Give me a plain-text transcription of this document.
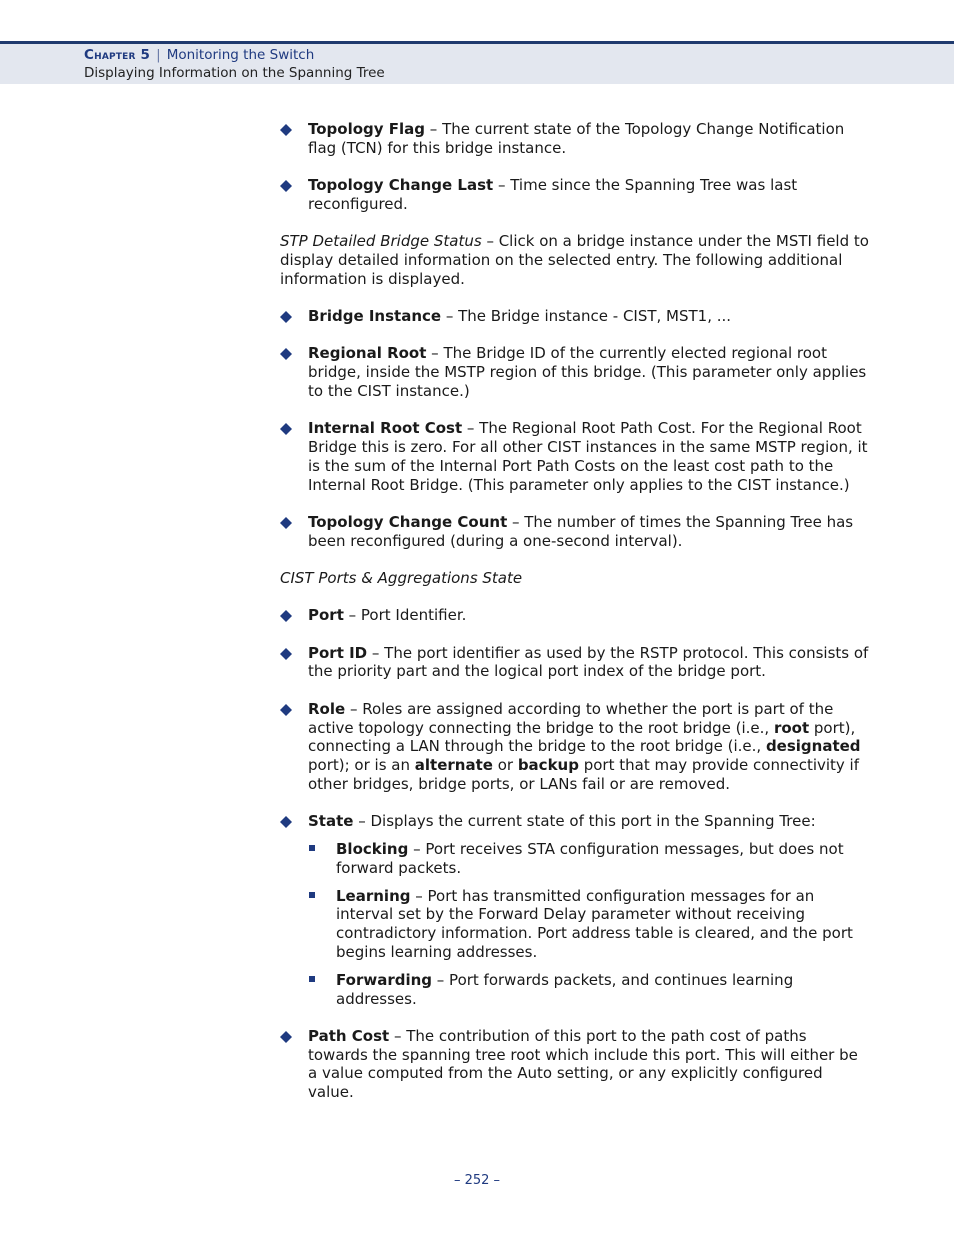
Chapter 5 | Monitoring the Switch
Displaying Information on the Spanning Tree
Topology Flag – The current state of the Topology Change Notification flag (TCN) for this bridge instance.
Topology Change Last – Time since the Spanning Tree was last reconfigured.
STP Detailed Bridge Status – Click on a bridge instance under the MSTI field to display detailed information on the selected entry. The following additional information is displayed.
Bridge Instance – The Bridge instance - CIST, MST1, ...
Regional Root – The Bridge ID of the currently elected regional root bridge, inside the MSTP region of this bridge. (This parameter only applies to the CIST instance.)
Internal Root Cost – The Regional Root Path Cost. For the Regional Root Bridge this is zero. For all other CIST instances in the same MSTP region, it is the sum of the Internal Port Path Costs on the least cost path to the Internal Root Bridge. (This parameter only applies to the CIST instance.)
Topology Change Count – The number of times the Spanning Tree has been reconfigured (during a one-second interval).
CIST Ports & Aggregations State
Port – Port Identifier.
Port ID – The port identifier as used by the RSTP protocol. This consists of the priority part and the logical port index of the bridge port.
Role – Roles are assigned according to whether the port is part of the active topology connecting the bridge to the root bridge (i.e., root port), connecting a LAN through the bridge to the root bridge (i.e., designated port); or is an alternate or backup port that may provide connectivity if other bridges, bridge ports, or LANs fail or are removed.
State – Displays the current state of this port in the Spanning Tree:
Blocking – Port receives STA configuration messages, but does not forward packets.
Learning – Port has transmitted configuration messages for an interval set by the Forward Delay parameter without receiving contradictory information. Port address table is cleared, and the port begins learning addresses.
Forwarding – Port forwards packets, and continues learning addresses.
Path Cost – The contribution of this port to the path cost of paths towards the spanning tree root which include this port. This will either be a value computed from the Auto setting, or any explicitly configured value.
– 252 –
